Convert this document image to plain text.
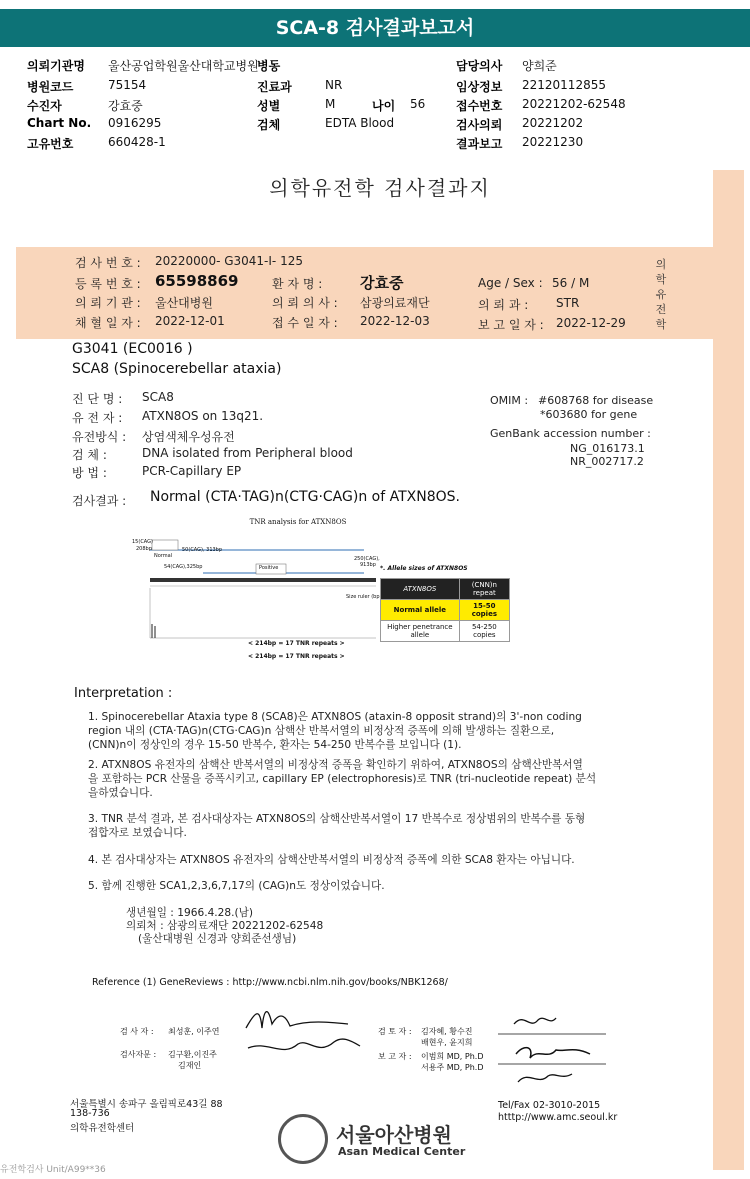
SCA-8 검사결과보고서
의뢰기관명 울산공업학원울산대학교병원
병동	담당의사 양희준
병원코드	75154	진료과	NR	임상정보 22120112855
수진자	강효중	성별	M	나이 56	접수번호 20221202-62548
Chart No. 0916295	검체	EDTA Blood	검사의뢰 20221202
고유번호	660428-1	결과보고 20221230
의학유전학 검사결과지
의학유전학
검 사 번 호 : 20220000- G3041-I- 125
등 록 번 호 : 65598869	환 자 명 :	강효중	Age / Sex : 56 / M
의 뢰 기 관 : 울산대병원	의 뢰 의 사 : 삼광의료재단	의 뢰 과 : STR
채 혈 일 자 : 2022-12-01	접 수 일 자 : 2022-12-03	보 고 일 자 : 2022-12-29
G3041 (EC0016 )
SCA8 (Spinocerebellar ataxia)
진 단 명 : SCA8
유 전 자 : ATXN8OS on 13q21.
유전방식 : 상염색체우성유전
검 체 :	DNA isolated from Peripheral blood
방 법 :	PCR-Capillary EP
OMIM : #608768 for disease
*603680 for gene
GenBank accession number :
NG_016173.1
NR_002717.2
검사결과 : Normal (CTA·TAG)n(CTG·CAG)n of ATXN8OS.
TNR analysis for ATXN8OS
15(CAG)
208bp
Normal
50(CAG), 313bp
54(CAG),325bp	Positive
250(CAG),
913bp
Size ruler (bp)
< 214bp = 17 TNR repeats >
< 214bp = 17 TNR repeats >
*. Allele sizes of ATXN8OS
ATXN8OS	(CNN)n repeat
Normal allele	15-50 copies
Higher penetrance allele	54-250 copies
Interpretation :
1. Spinocerebellar Ataxia type 8 (SCA8)은 ATXN8OS (ataxin-8 opposit strand)의 3'-non coding
region 내의 (CTA·TAG)n(CTG·CAG)n 삼핵산 반복서열의 비정상적 증폭에 의해 발생하는 질환으로,
(CNN)n이 정상인의 경우 15-50 반복수, 환자는 54-250 반복수를 보입니다 (1).
2. ATXN8OS 유전자의 삼핵산 반복서열의 비정상적 증폭을 확인하기 위하여, ATXN8OS의 삼핵산반복서열
을 포함하는 PCR 산물을 증폭시키고, capillary EP (electrophoresis)로 TNR (tri-nucleotide repeat) 분석
을하였습니다.
3. TNR 분석 결과, 본 검사대상자는 ATXN8OS의 삼핵산반복서열이 17 반복수로 정상범위의 반복수를 동형
접합자로 보였습니다.
4. 본 검사대상자는 ATXN8OS 유전자의 삼핵산반복서열의 비정상적 증폭에 의한 SCA8 환자는 아닙니다.
5. 함께 진행한 SCA1,2,3,6,7,17의 (CAG)n도 정상이었습니다.
생년월일 : 1966.4.28.(남)
의뢰처 : 삼광의료재단 20221202-62548
(울산대병원 신경과 양희준선생님)
Reference (1) GeneReviews : http://www.ncbi.nlm.nih.gov/books/NBK1268/
검 사 자 : 최성훈, 이주연
검사자문 : 김구환,이진주
김재인
검 토 자 : 김자혜, 황수진
배현우, 윤지희
보 고 자 : 이범희 MD, Ph.D
서용주 MD, Ph.D
서울특별시 송파구 올림픽로43길 88
138-736
의학유전학센터	서울아산병원
Asan Medical Center
Tel/Fax 02-3010-2015
htttp://www.amc.seoul.kr
유전학검사 Unit/A99**36
